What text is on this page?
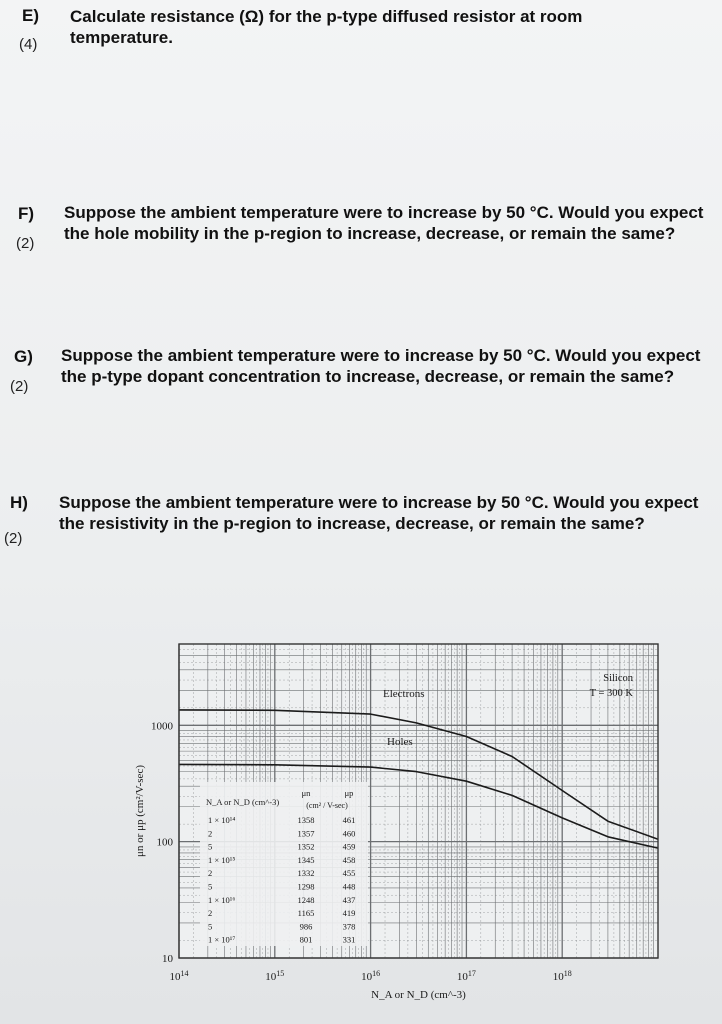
E)
(4)
Calculate resistance (Ω) for the p-type diffused resistor at room temperature.
F)
(2)
Suppose the ambient temperature were to increase by 50 °C. Would you expect the hole mobility in the p-region to increase, decrease, or remain the same?
G)
(2)
Suppose the ambient temperature were to increase by 50 °C. Would you expect the p-type dopant concentration to increase, decrease, or remain the same?
H)
(2)
Suppose the ambient temperature were to increase by 50 °C. Would you expect the resistivity in the p-region to increase, decrease, or remain the same?
10
100
1000
$10^{14}$	$10^{15}$	$10^{16}$	$10^{17}$	$10^{18}$
N_A or N_D (cm^-3)
μn or μp (cm²/V-sec)	N_A or N_D (cm^-3)
μn	μp
(cm² / V-sec)
1 × 10¹⁴	1358	461
2	1357	460
5	1352	459
1 × 10¹⁵	1345	458
2	1332	455
5	1298	448
1 × 10¹⁶	1248	437
2	1165	419
5	986	378
1 × 10¹⁷	801	331
Electrons
Holes
Silicon
T = 300 K
